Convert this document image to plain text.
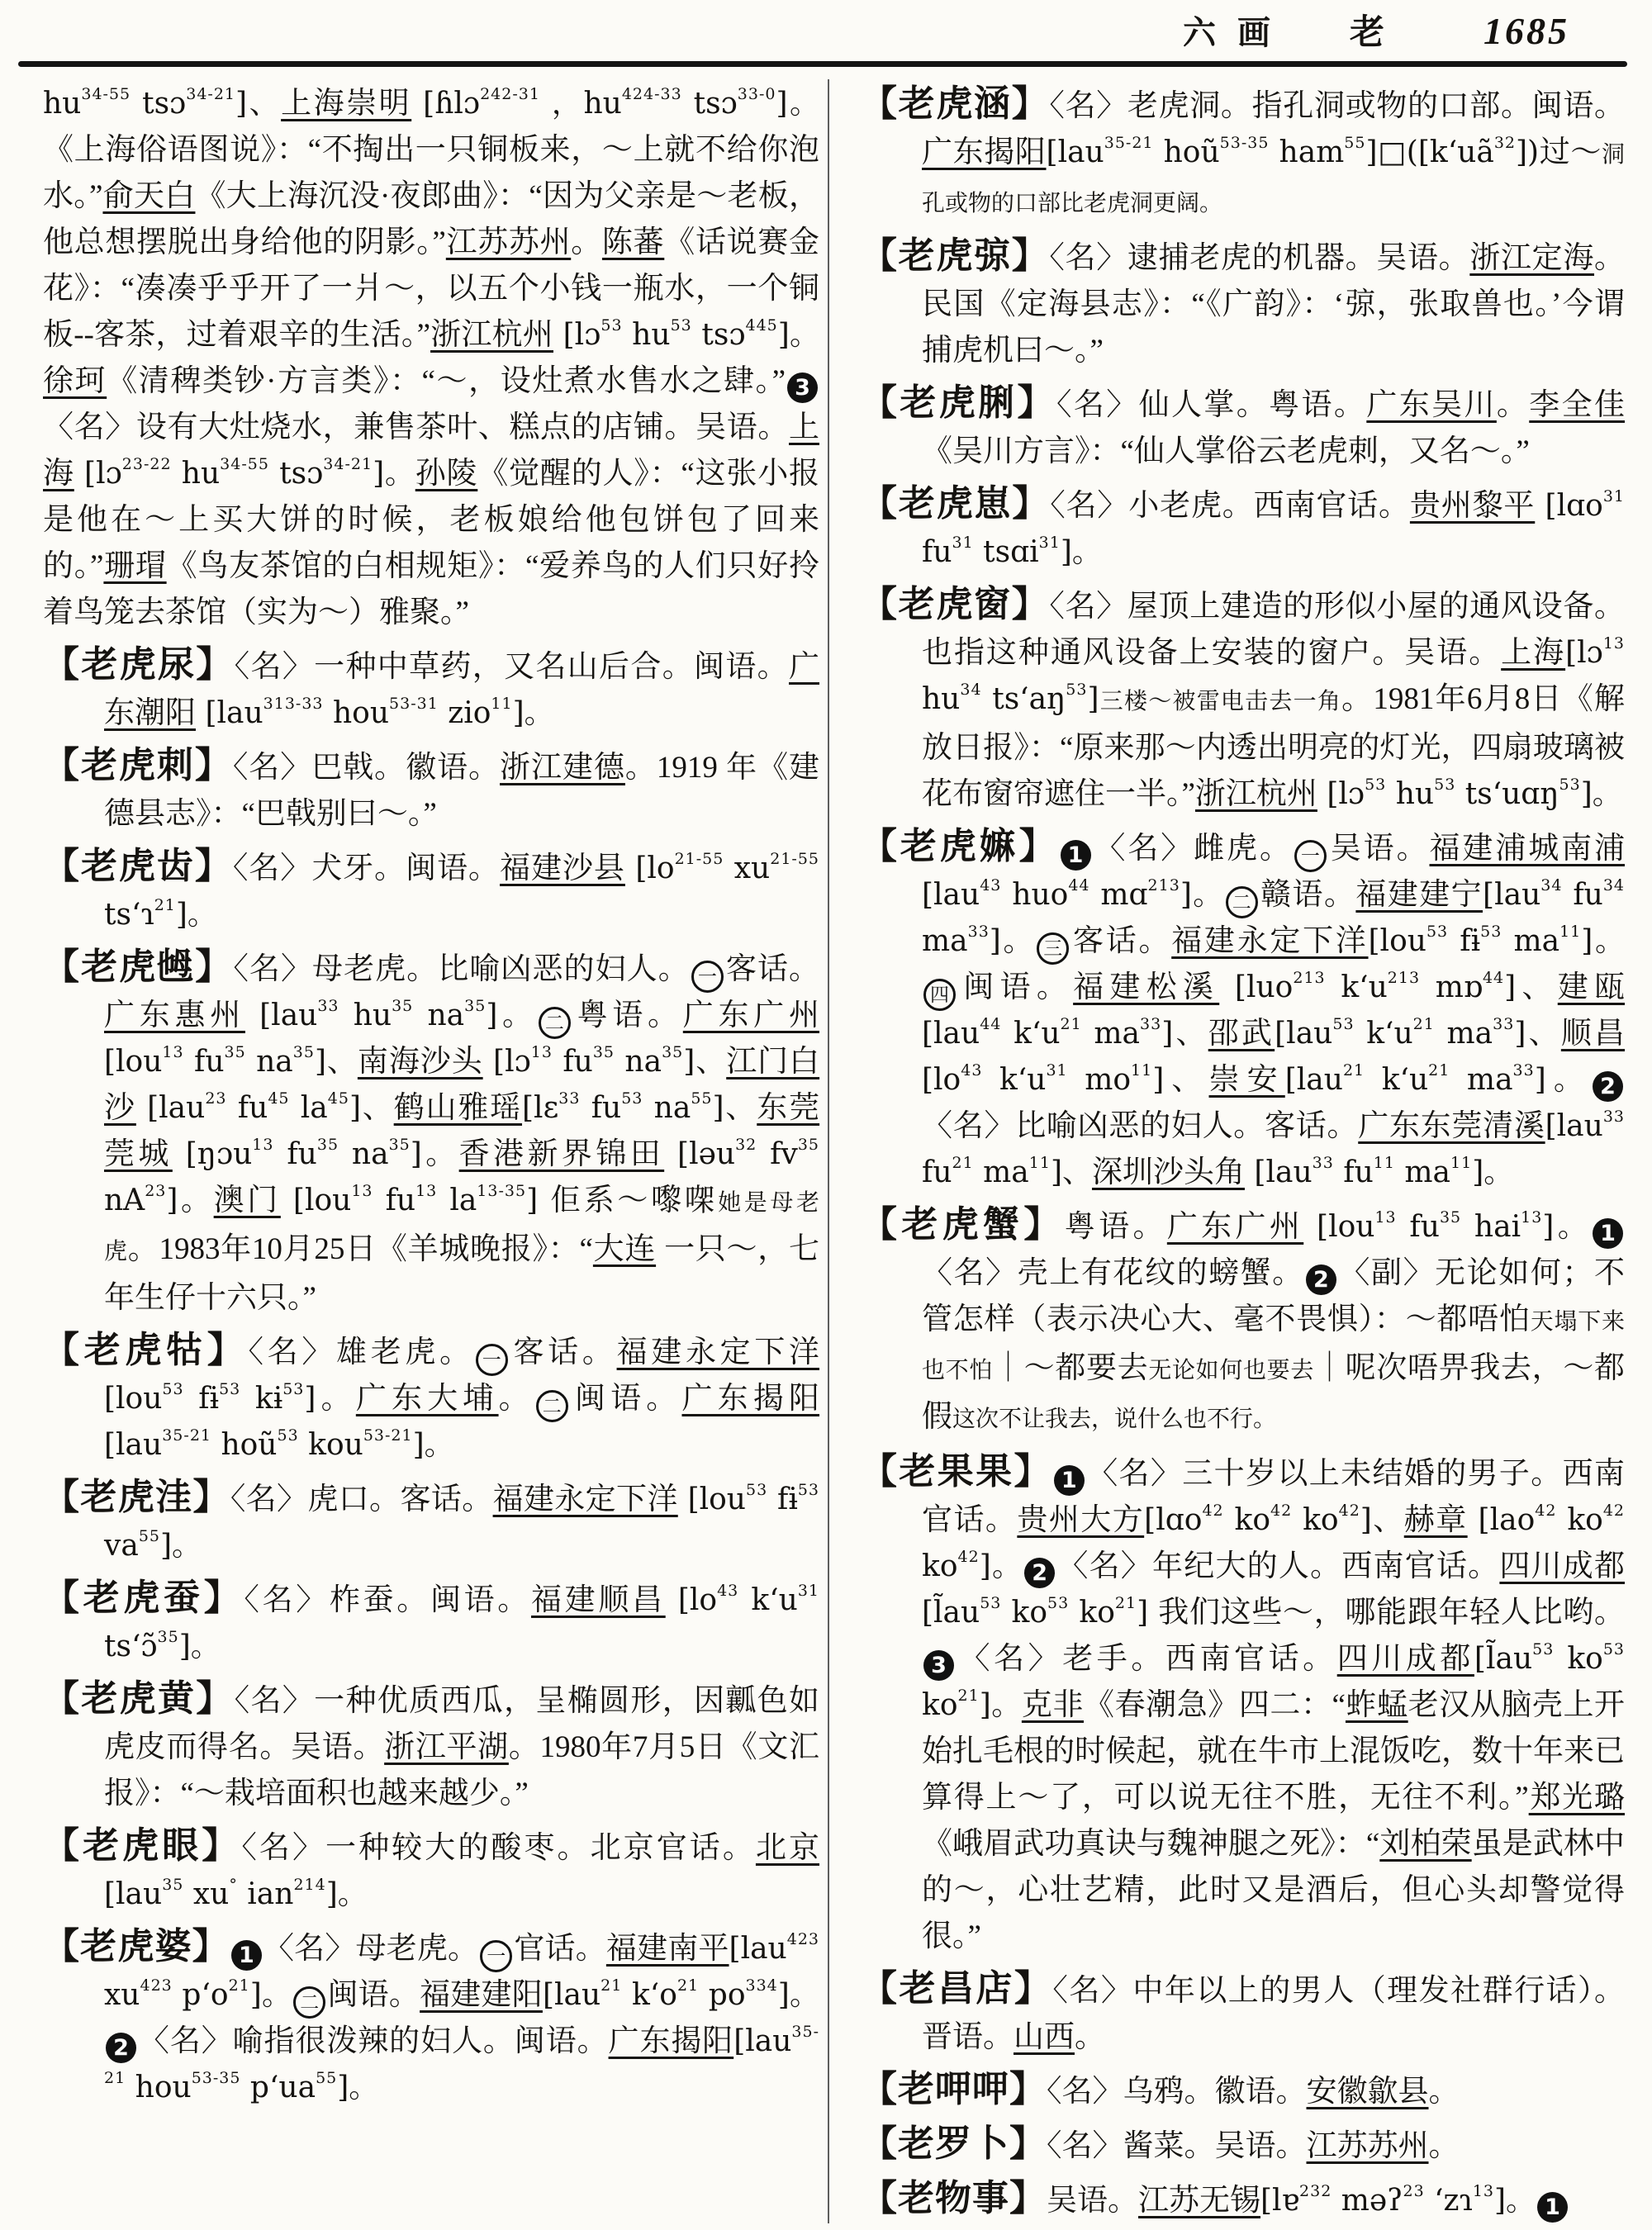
六画 老	1685

$hu^{34-55}$ tsɔ$^{34-21}$]、上海崇明 [ɦlɔ$^{242-31}$ ，$hu^{424-33}$ tsɔ$^{33-0}$]。《上海俗语图说》：“不掏出一只铜板来，～上就不给你泡水。”俞天白《大上海沉没·夜郎曲》：“因为父亲是～老板，他总想摆脱出身给他的阴影。”江苏苏州。陈蕃《话说赛金花》：“凑凑乎乎开了一爿～，以五个小钱一瓶水，一个铜板--客茶，过着艰辛的生活。”浙江杭州 [lɔ$^{53}$ $hu^{53}$ tsɔ$^{445}$]。徐珂《清稗类钞·方言类》：“～，设灶煮水售水之肆。” 3〈名〉设有大灶烧水，兼售茶叶、糕点的店铺。吴语。上海 [lɔ$^{23-22}$ $hu^{34-55}$ tsɔ$^{34-21}$]。孙陵《觉醒的人》：“这张小报是他在～上买大饼的时候，老板娘给他包饼包了回来的。”珊瑁《鸟友茶馆的白相规矩》：“爱养鸟的人们只好拎着鸟笼去茶馆（实为～）雅聚。”

【老虎尿】〈名〉一种中草药，又名山后合。闽语。广东潮阳 [lau$^{313-33}$ hou$^{53-31}$ zio$^{11}$]。

【老虎刺】〈名〉巴戟。徽语。浙江建德。1919 年《建德县志》：“巴戟别曰～。”

【老虎齿】〈名〉犬牙。闽语。福建沙县 [$lo^{21-55}$ $xu^{21-55}$ ts‘ɿ$^{21}$]。

【老虎乸】〈名〉母老虎。比喻凶恶的妇人。 一 客话。广东惠州 [lau$^{33}$ $hu^{35}$ $na^{35}$]。 二 粤语。广东广州[lou$^{13}$ $fu^{35}$ $na^{35}$]、南海沙头 [lɔ$^{13}$ $fu^{35}$ $na^{35}$]、江门白沙 [lau$^{23}$ $fu^{45}$ $la^{45}$]、鹤山雅瑶[lɛ$^{33}$ $fu^{53}$ $na^{55}$]、东莞莞城 [ŋɔu$^{13}$ $fu^{35}$ $na^{35}$]。香港新界锦田 [ləu$^{32}$ $fv^{35}$ $nA^{23}$]。澳门 [lou$^{13}$ $fu^{13}$ $la^{13-35}$] 佢系～嚟㗎她是母老虎。1983年10月25日《羊城晚报》：“大连 一只～，七年生仔十六只。”

【老虎牯】〈名〉雄老虎。 一 客话。福建永定下洋 [lou$^{53}$ fɨ$^{53}$ kɨ$^{53}$]。广东大埔。 二 闽语。广东揭阳[lau$^{35-21}$ hoũ$^{53}$ kou$^{53-21}$]。

【老虎洼】〈名〉虎口。客话。福建永定下洋 [lou$^{53}$ fɨ$^{53}$ $va^{55}$]。

【老虎蚕】〈名〉柞蚕。闽语。福建顺昌 [$lo^{43}$ $k‘u^{31}$ ts‘ɔ̃$^{35}$]。

【老虎黄】〈名〉一种优质西瓜，呈椭圆形，因瓤色如虎皮而得名。吴语。浙江平湖。1980年7月5日《文汇报》：“～栽培面积也越来越少。”

【老虎眼】〈名〉一种较大的酸枣。北京官话。北京 [lau$^{35}$ xu° ian$^{214}$]。

【老虎婆】 1 〈名〉母老虎。 一 官话。福建南平[lau$^{423}$ $xu^{423}$ $p‘o^{21}$]。 二 闽语。福建建阳[lau$^{21}$ $k‘o^{21}$ $po^{334}$]。2 〈名〉喻指很泼辣的妇人。闽语。广东揭阳[lau$^{35-21}$ hou$^{53-35}$ $p‘ua^{55}$]。

【老虎涵】〈名〉老虎洞。指孔洞或物的口部。闽语。广东揭阳[lau$^{35-21}$ hoũ$^{53-35}$ $ham^{55}]□([k‘uã^{32}])$过～洞孔或物的口部比老虎洞更阔。

【老虎弶】〈名〉逮捕老虎的机器。吴语。浙江定海。民国《定海县志》：“《广韵》：‘弶，张取兽也。’今谓捕虎机曰～。”

【老虎脷】〈名〉仙人掌。粤语。广东吴川。李全佳《吴川方言》：“仙人掌俗云老虎刺，又名～。”

【老虎崽】〈名〉小老虎。西南官话。贵州黎平 [lɑo$^{31}$ $fu^{31}$ tsɑi$^{31}$]。

【老虎窗】〈名〉屋顶上建造的形似小屋的通风设备。也指这种通风设备上安装的窗户。吴语。上海[lɔ$^{13}$ $hu^{34}$ $ts‘aŋ^{53}$]三楼～被雷电击去一角。1981年6月8日《解放日报》：“原来那～内透出明亮的灯光，四扇玻璃被花布窗帘遮住一半。”浙江杭州 [lɔ$^{53}$ $hu^{53}$ ts‘uɑŋ$^{53}$]。

【老虎嫲】 1 〈名〉雌虎。 一 吴语。福建浦城南浦[lau$^{43}$ huo$^{44}$ mɑ$^{213}$]。 二 赣语。福建建宁[lau$^{34}$ $fu^{34}$ $ma^{33}$]。 三 客话。福建永定下洋[lou$^{53}$ fɨ$^{53}$ $ma^{11}$]。四 闽语。福建松溪 [luo$^{213}$ $k‘u^{213}$ mɒ$^{44}$]、建瓯 [lau$^{44}$ $k‘u^{21}$ $ma^{33}$]、邵武[lau$^{53}$ $k‘u^{21}$ $ma^{33}$]、顺昌[$lo^{43}$ $k‘u^{31}$ $mo^{11}$]、崇安[lau$^{21}$ $k‘u^{21}$ $ma^{33}$]。 2〈名〉比喻凶恶的妇人。客话。广东东莞清溪[lau$^{33}$ $fu^{21}$ $ma^{11}$]、深圳沙头角 [lau$^{33}$ $fu^{11}$ $ma^{11}$]。

【老虎蟹】粤语。广东广州 [lou$^{13}$ $fu^{35}$ hai$^{13}$]。 1〈名〉壳上有花纹的螃蟹。 2 〈副〉无论如何；不管怎样（表示决心大、毫不畏惧）：～都唔怕天塌下来也不怕｜～都要去无论如何也要去｜呢次唔畀我去，～都假这次不让我去，说什么也不行。

【老果果】 1 〈名〉三十岁以上未结婚的男子。西南官话。贵州大方[lɑo$^{42}$ $ko^{42}$ $ko^{42}$]、赫章 [lao$^{42}$ $ko^{42}$ $ko^{42}$]。 2 〈名〉年纪大的人。西南官话。四川成都[$l̃au^{53}$ $ko^{53}$ $ko^{21}$] 我们这些～，哪能跟年轻人比哟。3 〈名〉老手。西南官话。四川成都[$l̃au^{53}$ $ko^{53}$ $ko^{21}$]。克非《春潮急》四二：“蚱蜢老汉从脑壳上开始扎毛根的时候起，就在牛市上混饭吃，数十年来已算得上～了，可以说无往不胜，无往不利。”郑光璐《峨眉武功真诀与魏神腿之死》：“刘柏荣虽是武林中的～，心壮艺精，此时又是酒后，但心头却警觉得很。”

【老昌店】〈名〉中年以上的男人（理发社群行话）。晋语。山西。

【老呷呷】〈名〉乌鸦。徽语。安徽歙县。

【老罗卜】〈名〉酱菜。吴语。江苏苏州。

【老物事】吴语。江苏无锡[lɐ$^{232}$ məʔ$^{23}$ ‘zɿ$^{13}$]。 1
